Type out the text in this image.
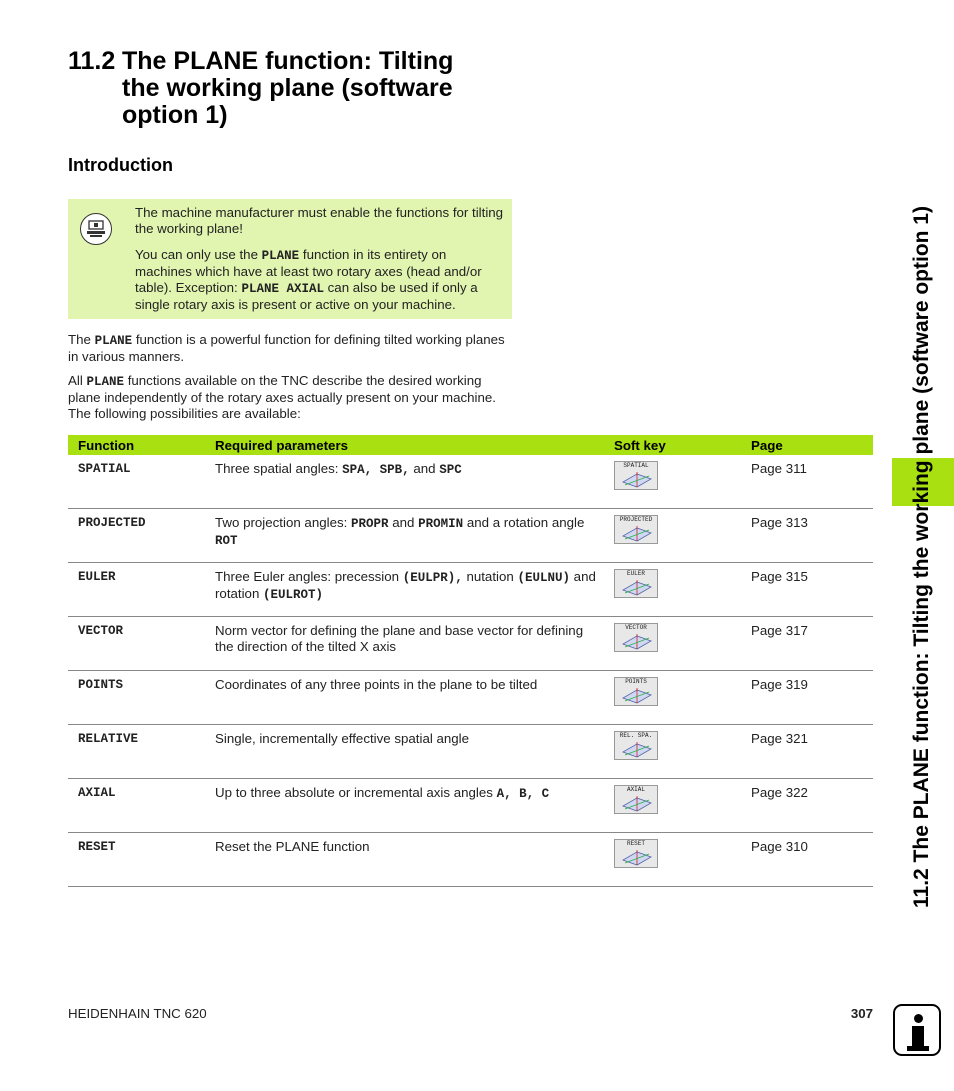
11.2 The PLANE function: Tilting
the working plane (software
option 1)
Introduction

The machine manufacturer must enable the functions for tilting the working plane!

You can only use the PLANE function in its entirety on machines which have at least two rotary axes (head and/or table). Exception: PLANE AXIAL can also be used if only a single rotary axis is present or active on your machine.

The PLANE function is a powerful function for defining tilted working planes in various manners.
All PLANE functions available on the TNC describe the desired working plane independently of the rotary axes actually present on your machine. The following possibilities are available:
Function	Required parameters	Soft key	Page
SPATIAL	Three spatial angles: SPA, SPB, and SPC	SPATIAL	Page 311
PROJECTED	Two projection angles: PROPR and PROMIN and a rotation angle ROT	PROJECTED	Page 313
EULER	Three Euler angles: precession (EULPR), nutation (EULNU) and rotation (EULROT)	EULER	Page 315
VECTOR	Norm vector for defining the plane and base vector for defining the direction of the tilted X axis	VECTOR	Page 317
POINTS	Coordinates of any three points in the plane to be tilted	POINTS	Page 319
RELATIVE	Single, incrementally effective spatial angle	REL. SPA.	Page 321
AXIAL	Up to three absolute or incremental axis angles A, B, C	AXIAL	Page 322
RESET	Reset the PLANE function	RESET	Page 310	11.2 The PLANE function: Tilting the working plane (software option 1)
HEIDENHAIN TNC 620	307
